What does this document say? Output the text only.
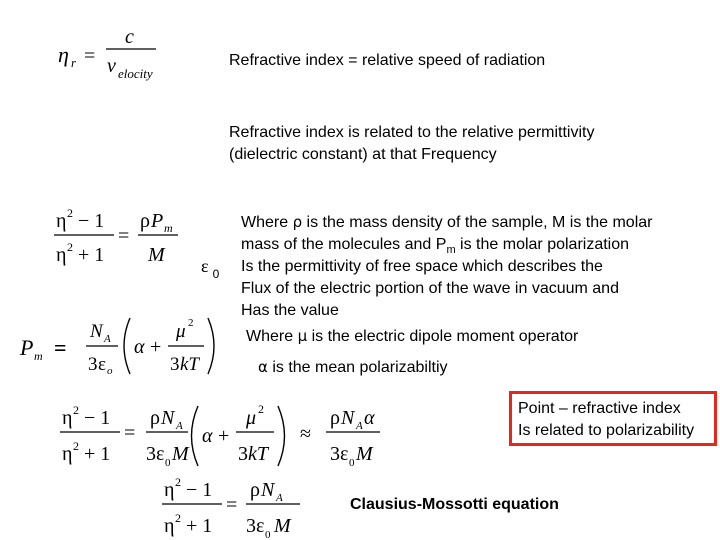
η r =
c
v elocity
Refractive index = relative speed of radiation
Refractive index is related to the relative permittivity
(dielectric constant) at that Frequency
η 2 − 1
η 2 + 1
=
ρ P m
M
Where ρ is the mass density of the sample, M is the molar
mass of the molecules and $P_m$ is the molar polarization
ε $_0$ Is the permittivity of free space which describes the
Flux of the electric portion of the wave in vacuum and
Has the value
P m =
N A
3 ε o
α +
μ 2
3 kT
Where μ is the electric dipole moment operator
α is the mean polarizabiltiy
η 2 − 1
η 2 + 1
=
ρ N A
3 ε 0 M
α +
μ 2
3 kT
≈
ρ N A α
3 ε 0 M
Point – refractive index
Is related to polarizability
η 2 − 1
η 2 + 1
=
ρ N A
3 ε 0 M
Clausius-Mossotti equation
